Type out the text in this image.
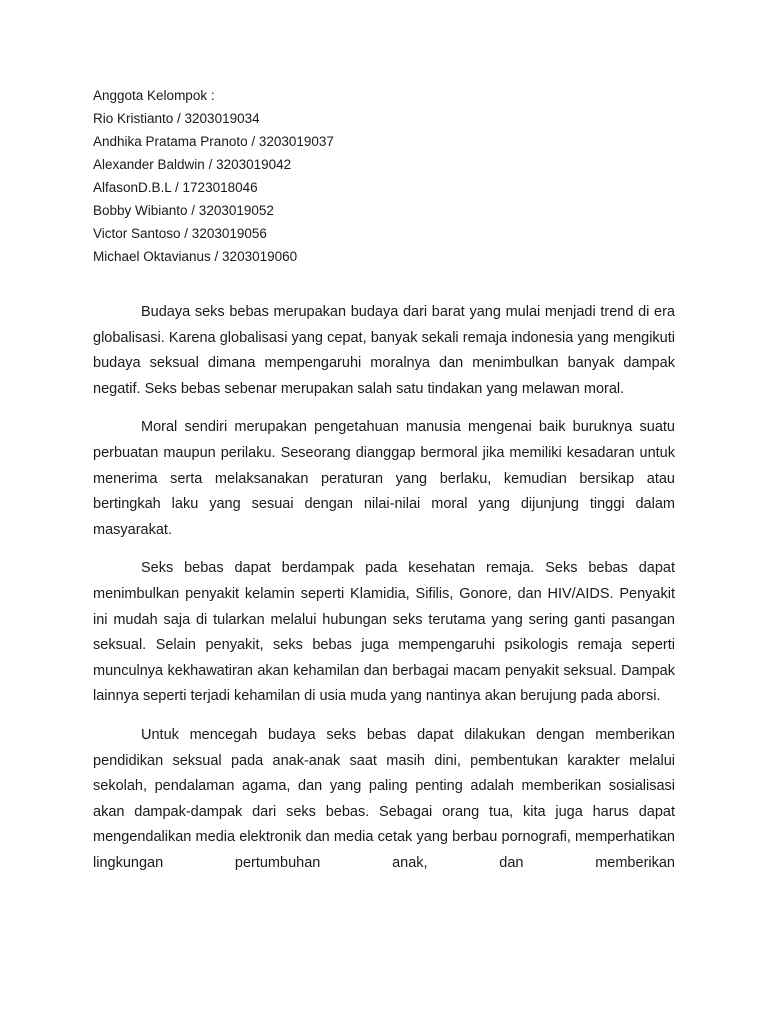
Anggota Kelompok :
Rio Kristianto / 3203019034
Andhika Pratama Pranoto / 3203019037
Alexander Baldwin / 3203019042
AlfasonD.B.L / 1723018046
Bobby Wibianto / 3203019052
Victor Santoso / 3203019056
Michael Oktavianus / 3203019060

Budaya seks bebas merupakan budaya dari barat yang mulai menjadi trend di era globalisasi. Karena globalisasi yang cepat, banyak sekali remaja indonesia yang mengikuti budaya seksual dimana mempengaruhi moralnya dan menimbulkan banyak dampak negatif. Seks bebas sebenar merupakan salah satu tindakan yang melawan moral.

Moral sendiri merupakan pengetahuan manusia mengenai baik buruknya suatu perbuatan maupun perilaku. Seseorang dianggap bermoral jika memiliki kesadaran untuk menerima serta melaksanakan peraturan yang berlaku, kemudian bersikap atau bertingkah laku yang sesuai dengan nilai-nilai moral yang dijunjung tinggi dalam masyarakat.

Seks bebas dapat berdampak pada kesehatan remaja. Seks bebas dapat menimbulkan penyakit kelamin seperti Klamidia, Sifilis, Gonore, dan HIV/AIDS. Penyakit ini mudah saja di tularkan melalui hubungan seks terutama yang sering ganti pasangan seksual. Selain penyakit, seks bebas juga mempengaruhi psikologis remaja seperti munculnya kekhawatiran akan kehamilan dan berbagai macam penyakit seksual. Dampak lainnya seperti terjadi kehamilan di usia muda yang nantinya akan berujung pada aborsi.

Untuk mencegah budaya seks bebas dapat dilakukan dengan memberikan pendidikan seksual pada anak-anak saat masih dini, pembentukan karakter melalui sekolah, pendalaman agama, dan yang paling penting adalah memberikan sosialisasi akan dampak-dampak dari seks bebas. Sebagai orang tua, kita juga harus dapat mengendalikan media elektronik dan media cetak yang berbau pornografi, memperhatikan lingkungan pertumbuhan anak, dan memberikan
